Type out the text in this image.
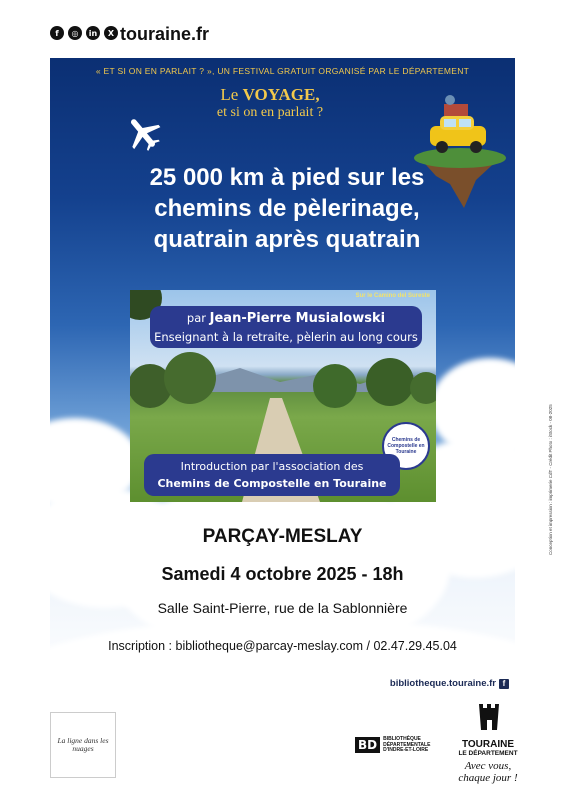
f	◎	in	X touraine.fr
« ET SI ON EN PARLAIT ? », UN FESTIVAL GRATUIT ORGANISÉ PAR LE DÉPARTEMENT
Le VOYAGE,
et si on en parlait ?
25 000 km à pied sur les
chemins de pèlerinage,
quatrain après quatrain
Sur le Camino del Sureste
par Jean-Pierre Musialowski
Enseignant à la retraite, pèlerin au long cours
Chemins de Compostelle en Touraine
Introduction par l'association des
Chemins de Compostelle en Touraine
PARÇAY-MESLAY
Samedi 4 octobre 2025 - 18h
Salle Saint-Pierre, rue de la Sablonnière
Inscription : bibliotheque@parcay-meslay.com / 02.47.29.45.04
bibliotheque.touraine.fr f
Conception et impression : imprimerie CdT - Crédit Photo : iStock - 08-2025
La ligne dans les nuages	BD	BIBLIOTHÈQUE
DÉPARTEMENTALE
D'INDRE-ET-LOIRE	TOURAINE
LE DÉPARTEMENT
Avec vous,
chaque jour !
